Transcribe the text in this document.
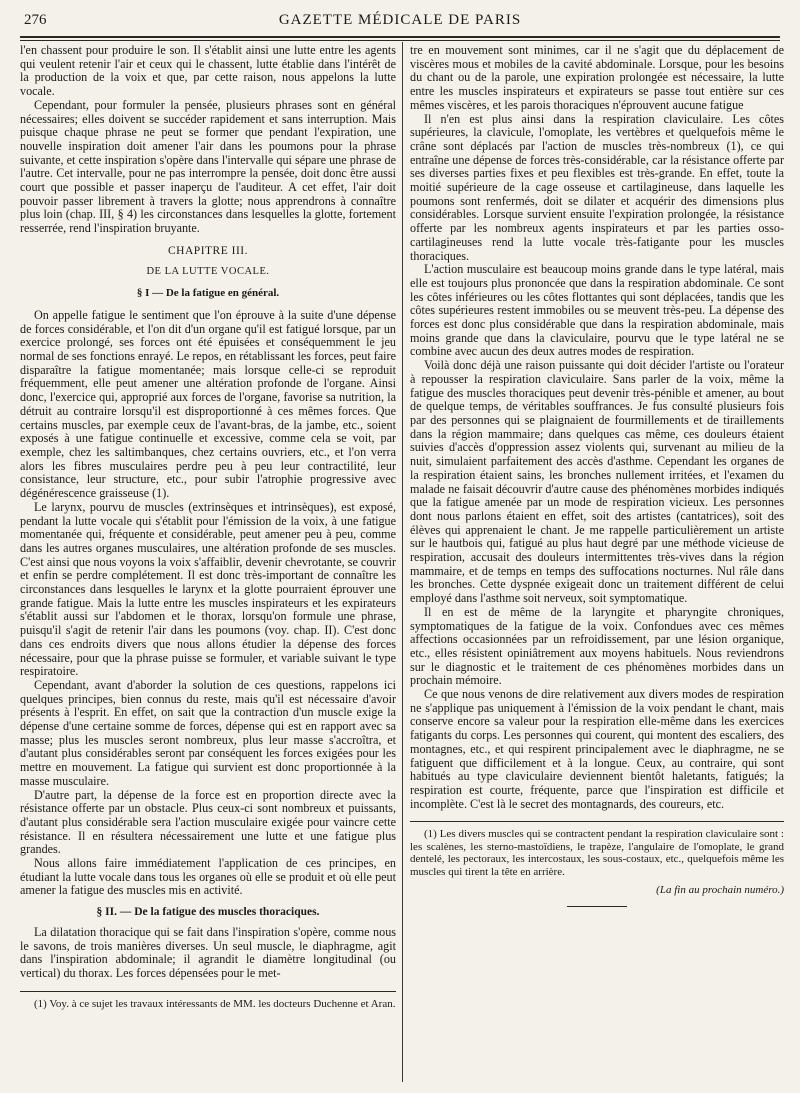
276	GAZETTE MÉDICALE DE PARIS

l'en chassent pour produire le son. Il s'établit ainsi une lutte entre les agents qui veulent retenir l'air et ceux qui le chassent, lutte établie dans l'intérêt de la production de la voix et que, par cette raison, nous appelons la lutte vocale.

Cependant, pour formuler la pensée, plusieurs phrases sont en général nécessaires; elles doivent se succéder rapidement et sans interruption. Mais puisque chaque phrase ne peut se former que pendant l'expiration, une nouvelle inspiration doit amener l'air dans les poumons pour la phrase suivante, et cette inspiration s'opère dans l'intervalle qui sépare une phrase de l'autre. Cet intervalle, pour ne pas interrompre la pensée, doit donc être aussi court que possible et passer inaperçu de l'auditeur. A cet effet, l'air doit pouvoir passer librement à travers la glotte; nous apprendrons à connaître plus loin (chap. III, § 4) les circonstances dans lesquelles la glotte, fortement resserrée, rend l'inspiration bruyante.

CHAPITRE III.
DE LA LUTTE VOCALE.
§ I — De la fatigue en général.

On appelle fatigue le sentiment que l'on éprouve à la suite d'une dépense de forces considérable, et l'on dit d'un organe qu'il est fatigué lorsque, par un exercice prolongé, ses forces ont été épuisées et conséquemment le jeu normal de ses fonctions enrayé. Le repos, en rétablissant les forces, peut faire disparaître la fatigue momentanée; mais lorsque celle-ci se reproduit fréquemment, elle peut amener une altération profonde de l'organe. Ainsi donc, l'exercice qui, approprié aux forces de l'organe, favorise sa nutrition, la détruit au contraire lorsqu'il est disproportionné à ces mêmes forces. Que certains muscles, par exemple ceux de l'avant-bras, de la jambe, etc., soient exposés à une fatigue continuelle et excessive, comme cela se voit, par exemple, chez les saltimbanques, chez certains ouvriers, etc., et l'on verra alors les fibres musculaires perdre peu à peu leur contractilité, leur consistance, leur structure, etc., pour subir l'atrophie progressive avec dégénérescence graisseuse (1).

Le larynx, pourvu de muscles (extrinsèques et intrinsèques), est exposé, pendant la lutte vocale qui s'établit pour l'émission de la voix, à une fatigue momentanée qui, fréquente et considérable, peut amener peu à peu, comme dans les autres organes musculaires, une altération profonde de ses muscles. C'est ainsi que nous voyons la voix s'affaiblir, devenir chevrotante, se couvrir et enfin se perdre complétement. Il est donc très-important de connaître les circonstances dans lesquelles le larynx et la glotte pourraient éprouver une grande fatigue. Mais la lutte entre les muscles inspirateurs et les expirateurs s'établit aussi sur l'abdomen et le thorax, lorsqu'on formule une phrase, puisqu'il s'agit de retenir l'air dans les poumons (voy. chap. II). C'est donc dans ces endroits divers que nous allons étudier la dépense des forces nécessaire, pour que la phrase puisse se formuler, et variable suivant le type respiratoire.

Cependant, avant d'aborder la solution de ces questions, rappelons ici quelques principes, bien connus du reste, mais qu'il est nécessaire d'avoir présents à l'esprit. En effet, on sait que la contraction d'un muscle exige la dépense d'une certaine somme de forces, dépense qui est en rapport avec sa masse; plus les muscles seront nombreux, plus leur masse s'accroîtra, et d'autant plus considérables seront par conséquent les forces exigées pour les mettre en mouvement. La fatigue qui survient est donc proportionnée à la masse musculaire.

D'autre part, la dépense de la force est en proportion directe avec la résistance offerte par un obstacle. Plus ceux-ci sont nombreux et puissants, d'autant plus considérable sera l'action musculaire exigée pour vaincre cette résistance. Il en résultera nécessairement une lutte et une fatigue plus grandes.

Nous allons faire immédiatement l'application de ces principes, en étudiant la lutte vocale dans tous les organes où elle se produit et où elle peut amener la fatigue des muscles mis en activité.

§ II. — De la fatigue des muscles thoraciques.

La dilatation thoracique qui se fait dans l'inspiration s'opère, comme nous le savons, de trois manières diverses. Un seul muscle, le diaphragme, agit dans l'inspiration abdominale; il agrandit le diamètre longitudinal (ou vertical) du thorax. Les forces dépensées pour le met-

(1) Voy. à ce sujet les travaux intéressants de MM. les docteurs Duchenne et Aran.

tre en mouvement sont minimes, car il ne s'agit que du déplacement de viscères mous et mobiles de la cavité abdominale. Lorsque, pour les besoins du chant ou de la parole, une expiration prolongée est nécessaire, la lutte entre les muscles inspirateurs et expirateurs se passe tout entière sur ces mêmes viscères, et les parois thoraciques n'éprouvent aucune fatigue

Il n'en est plus ainsi dans la respiration claviculaire. Les côtes supérieures, la clavicule, l'omoplate, les vertèbres et quelquefois même le crâne sont déplacés par l'action de muscles très-nombreux (1), ce qui entraîne une dépense de forces très-considérable, car la résistance offerte par ses diverses parties fixes et peu flexibles est très-grande. En effet, toute la moitié supérieure de la cage osseuse et cartilagineuse, dans laquelle les poumons sont renfermés, doit se dilater et acquérir des dimensions plus considérables. Lorsque survient ensuite l'expiration prolongée, la résistance offerte par les nombreux agents inspirateurs et par les parties osso-cartilagineuses rend la lutte vocale très-fatigante pour les muscles thoraciques.

L'action musculaire est beaucoup moins grande dans le type latéral, mais elle est toujours plus prononcée que dans la respiration abdominale. Ce sont les côtes inférieures ou les côtes flottantes qui sont déplacées, tandis que les côtes supérieures restent immobiles ou se meuvent très-peu. La dépense des forces est donc plus considérable que dans la respiration abdominale, mais moins grande que dans la claviculaire, pourvu que le type latéral ne se combine avec aucun des deux autres modes de respiration.

Voilà donc déjà une raison puissante qui doit décider l'artiste ou l'orateur à repousser la respiration claviculaire. Sans parler de la voix, même la fatigue des muscles thoraciques peut devenir très-pénible et amener, au bout de quelque temps, de véritables souffrances. Je fus consulté plusieurs fois par des personnes qui se plaignaient de fourmillements et de tiraillements dans la région mammaire; dans quelques cas même, ces douleurs étaient suivies d'accès d'oppression assez violents qui, survenant au milieu de la nuit, simulaient parfaitement des accès d'asthme. Cependant les organes de la respiration étaient sains, les bronches nullement irritées, et l'examen du malade ne faisait découvrir d'autre cause des phénomènes morbides indiqués que la fatigue amenée par un mode de respiration vicieux. Les personnes dont nous parlons étaient en effet, soit des artistes (cantatrices), soit des élèves qui apprenaient le chant. Je me rappelle particulièrement un artiste sur le hautbois qui, fatigué au plus haut degré par une méthode vicieuse de respiration, accusait des douleurs intermittentes très-vives dans la région mammaire, et de temps en temps des suffocations nocturnes. Nul râle dans les bronches. Cette dyspnée exigeait donc un traitement différent de celui employé dans l'asthme soit nerveux, soit symptomatique.

Il en est de même de la laryngite et pharyngite chroniques, symptomatiques de la fatigue de la voix. Confondues avec ces mêmes affections occasionnées par un refroidissement, par une lésion organique, etc., elles résistent opiniâtrement aux moyens habituels. Nous reviendrons sur le diagnostic et le traitement de ces phénomènes morbides dans un prochain mémoire.

Ce que nous venons de dire relativement aux divers modes de respiration ne s'applique pas uniquement à l'émission de la voix pendant le chant, mais conserve encore sa valeur pour la respiration elle-même dans les exercices fatigants du corps. Les personnes qui courent, qui montent des escaliers, des montagnes, etc., et qui respirent principalement avec le diaphragme, ne se fatiguent que difficilement et à la longue. Ceux, au contraire, qui sont habitués au type claviculaire deviennent bientôt haletants, fatigués; la respiration est courte, fréquente, parce que l'inspiration est difficile et incomplète. C'est là le secret des montagnards, des coureurs, etc.

(1) Les divers muscles qui se contractent pendant la respiration claviculaire sont : les scalènes, les sterno-mastoïdiens, le trapèze, l'angulaire de l'omoplate, le grand dentelé, les pectoraux, les intercostaux, les sous-costaux, etc., quelquefois même les muscles qui tirent la tête en arrière.

(La fin au prochain numéro.)
